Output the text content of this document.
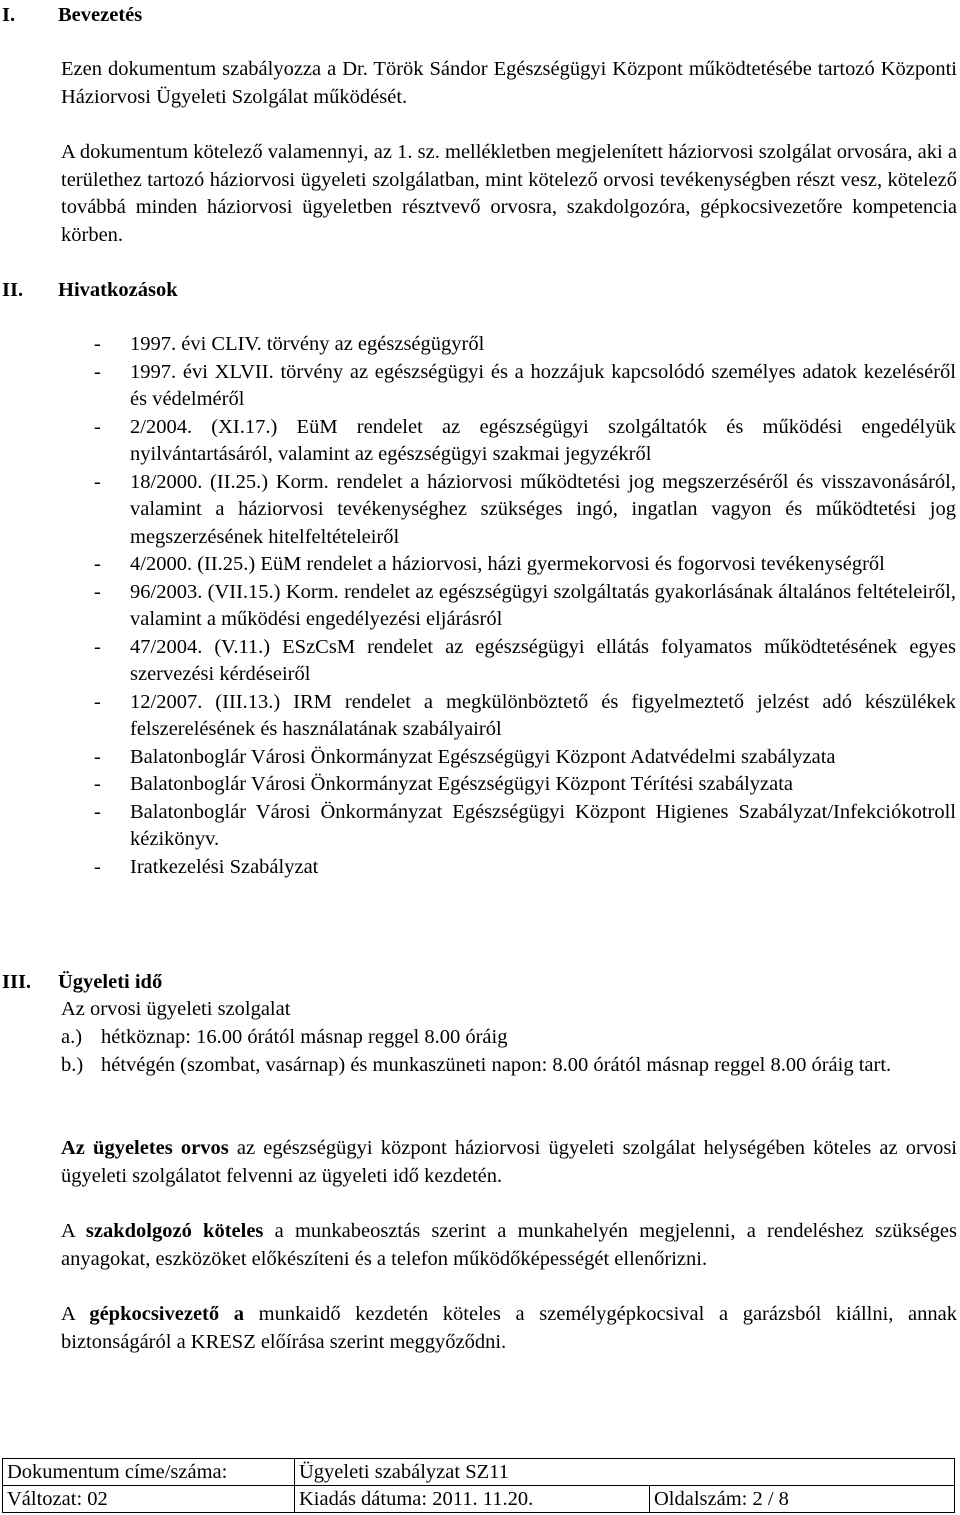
I. Bevezetés
Ezen dokumentum szabályozza a Dr. Török Sándor Egészségügyi Központ működtetésébe tartozó Központi Háziorvosi Ügyeleti Szolgálat működését.
A dokumentum kötelező valamennyi, az 1. sz. mellékletben megjelenített háziorvosi szolgálat orvosára, aki a területhez tartozó háziorvosi ügyeleti szolgálatban, mint kötelező orvosi tevékenységben részt vesz, kötelező továbbá minden háziorvosi ügyeletben résztvevő orvosra, szakdolgozóra, gépkocsivezetőre kompetencia körben.
II. Hivatkozások
- 1997. évi CLIV. törvény az egészségügyről
- 1997. évi XLVII. törvény az egészségügyi és a hozzájuk kapcsolódó személyes adatok kezeléséről és védelméről
- 2/2004. (XI.17.) EüM rendelet az egészségügyi szolgáltatók és működési engedélyük nyilvántartásáról, valamint az egészségügyi szakmai jegyzékről
- 18/2000. (II.25.) Korm. rendelet a háziorvosi működtetési jog megszerzéséről és visszavonásáról, valamint a háziorvosi tevékenységhez szükséges ingó, ingatlan vagyon és működtetési jog megszerzésének hitelfeltételeiről
- 4/2000. (II.25.) EüM rendelet a háziorvosi, házi gyermekorvosi és fogorvosi tevékenységről
- 96/2003. (VII.15.) Korm. rendelet az egészségügyi szolgáltatás gyakorlásának általános feltételeiről, valamint a működési engedélyezési eljárásról
- 47/2004. (V.11.) ESzCsM rendelet az egészségügyi ellátás folyamatos működtetésének egyes szervezési kérdéseiről
- 12/2007. (III.13.) IRM rendelet a megkülönböztető és figyelmeztető jelzést adó készülékek felszerelésének és használatának szabályairól
- Balatonboglár Városi Önkormányzat Egészségügyi Központ Adatvédelmi szabályzata
- Balatonboglár Városi Önkormányzat Egészségügyi Központ Térítési szabályzata
- Balatonboglár Városi Önkormányzat Egészségügyi Központ Higienes Szabályzat/Infekciókotroll kézikönyv.
- Iratkezelési Szabályzat
III. Ügyeleti idő
Az orvosi ügyeleti szolgalat
a.) hétköznap: 16.00 órától másnap reggel 8.00 óráig
b.) hétvégén (szombat, vasárnap) és munkaszüneti napon: 8.00 órától másnap reggel 8.00 óráig tart.
Az ügyeletes orvos az egészségügyi központ háziorvosi ügyeleti szolgálat helységében köteles az orvosi ügyeleti szolgálatot felvenni az ügyeleti idő kezdetén.
A szakdolgozó köteles a munkabeosztás szerint a munkahelyén megjelenni, a rendeléshez szükséges anyagokat, eszközöket előkészíteni és a telefon működőképességét ellenőrizni.
A gépkocsivezető a munkaidő kezdetén köteles a személygépkocsival a garázsból kiállni, annak biztonságáról a KRESZ előírása szerint meggyőződni.
Dokumentum címe/száma:	Ügyeleti szabályzat SZ11	
Változat: 02	Kiadás dátuma: 2011. 11.20.	Oldalszám: 2 / 8
